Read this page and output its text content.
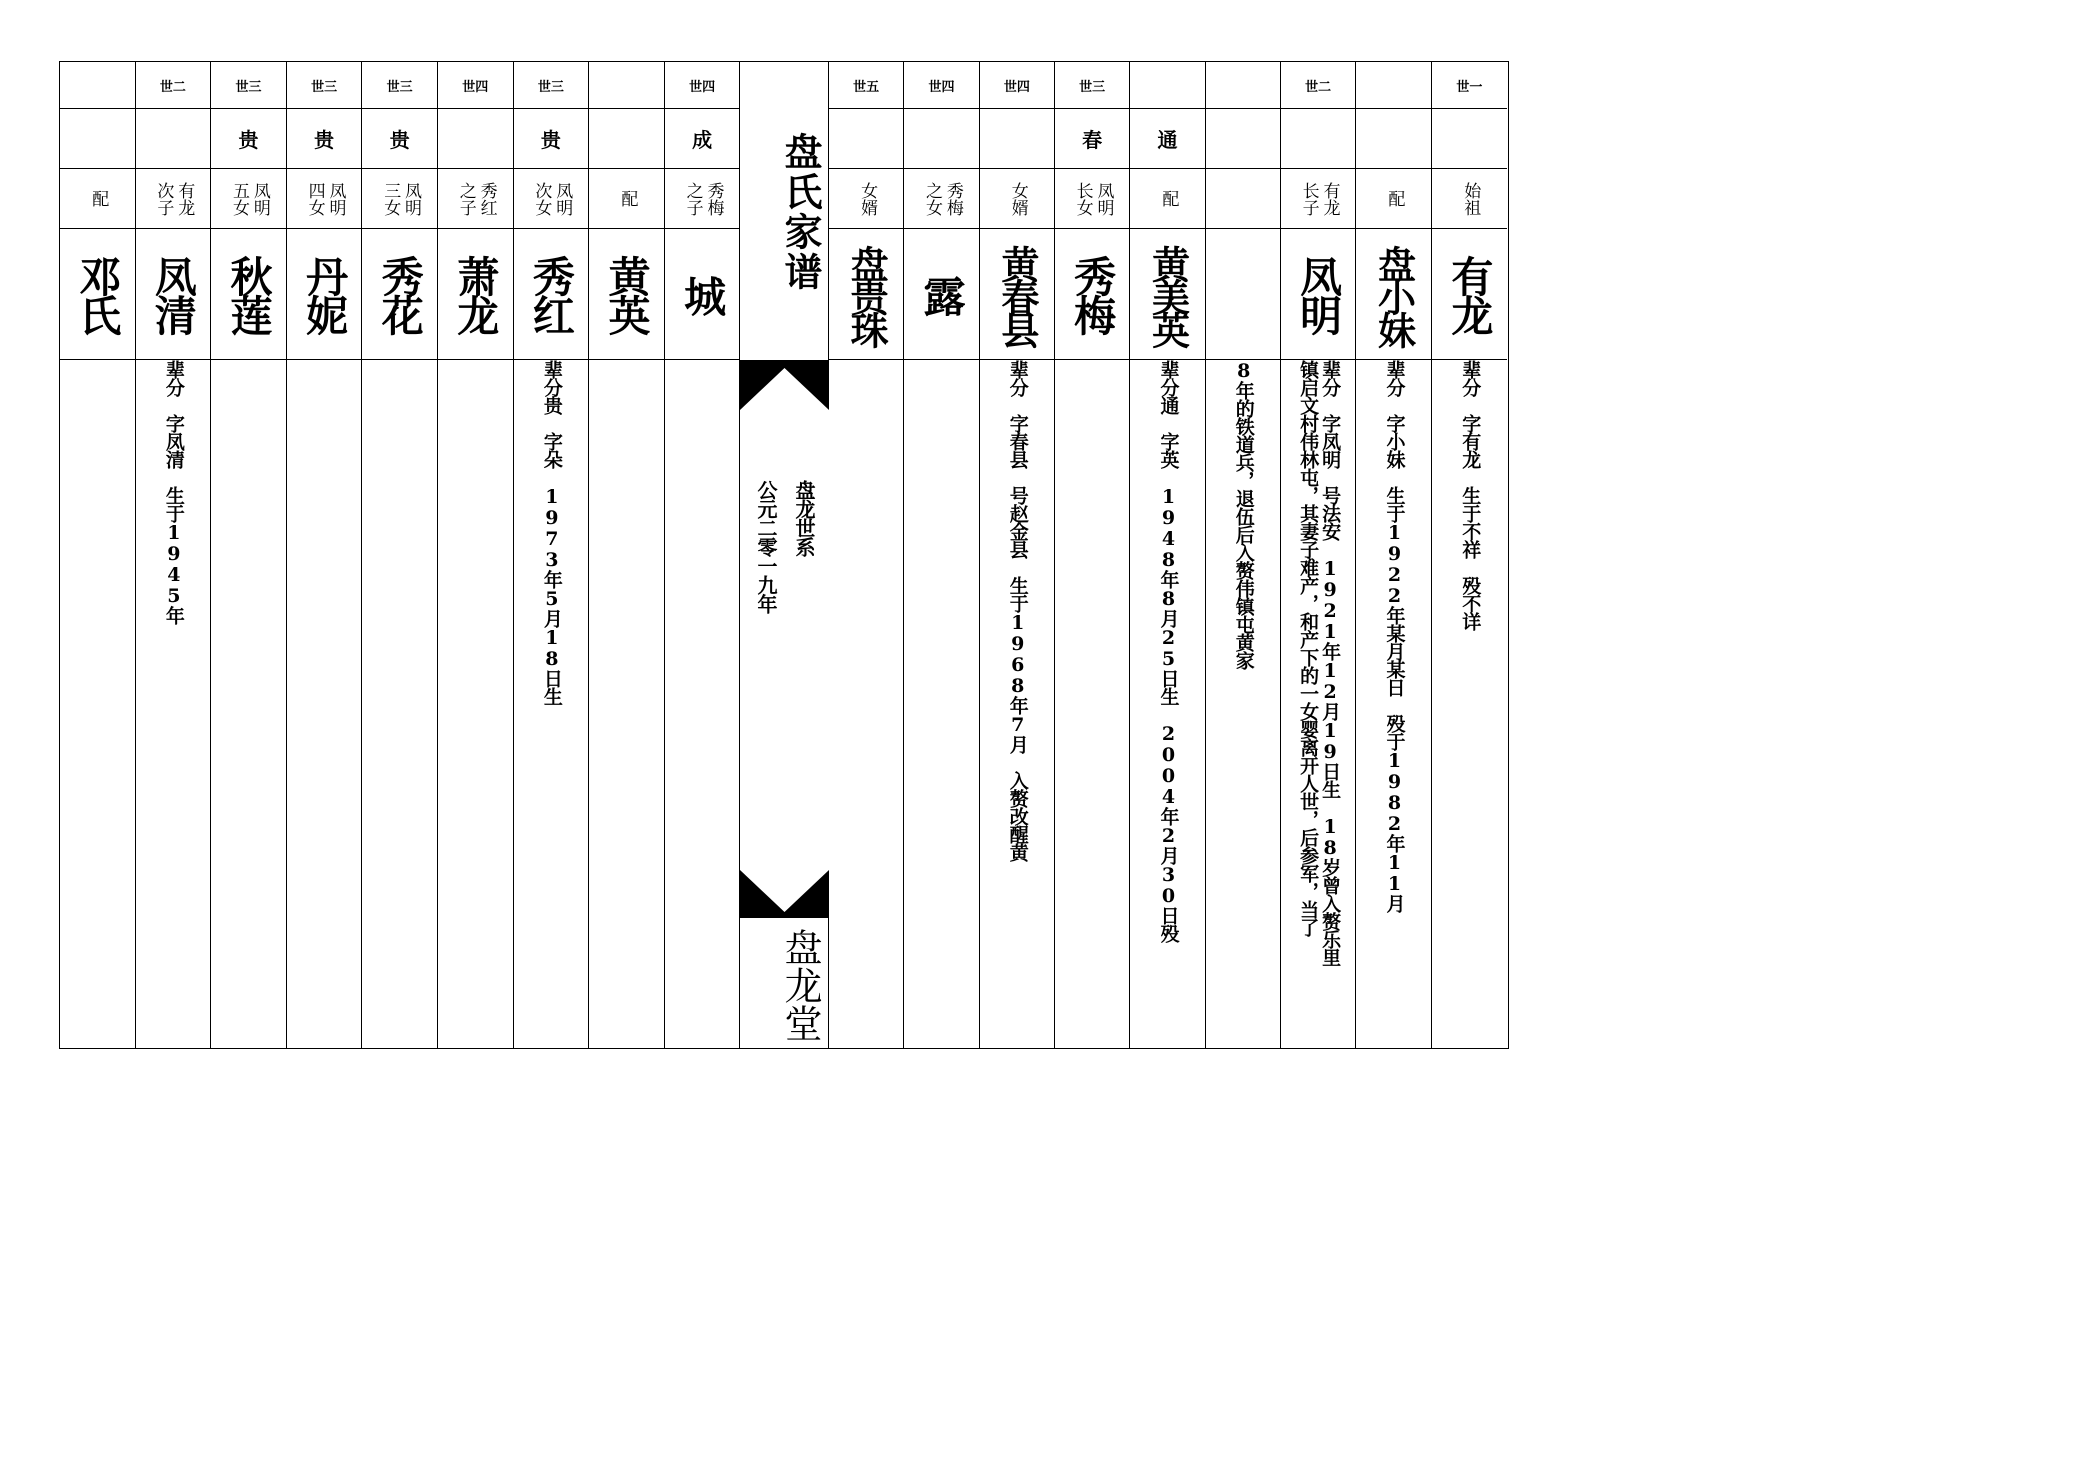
配
邓氏
世二
有龙
次子
凤清
辈分　字凤清　生于1945年
世三
贵
凤明
五女
秋莲
世三
贵
凤明
四女
丹妮
世三
贵
凤明
三女
秀花
世四
秀红
之子
萧龙
世三
贵
凤明
次女
秀红
辈分贵　字朵　1973年5月18日生
配
黄英
世四
成
秀梅
之子
城
盘氏家谱
盘龙世系
公元二零一九年
盘龙堂
世五
女婿
盘贵珠
世四
秀梅
之女
露
世四
女婿
黄春县
辈分　字春县　号赵金县　生于1968年7月　入赘改醒黄
世三
春
凤明
长女
秀梅
通
配
黄美英
辈分通　字英　1948年8月25日生　2004年2月30日殁	8年的铁道兵，退伍后入赘伟镇屯黄家
世二
有龙
长子
凤明
辈分　字凤明　号法安　1921年12月19日生　18岁曾入赘乐里
镇启文村伟林屯，其妻子难产，和产下的一女婴离开人世，后参军，当了
配
盘小妹
辈分　字小妹　生于1922年某月某日　殁于1982年11月
世一
始祖
有龙
辈分　字有龙　生于不祥　殁不详
